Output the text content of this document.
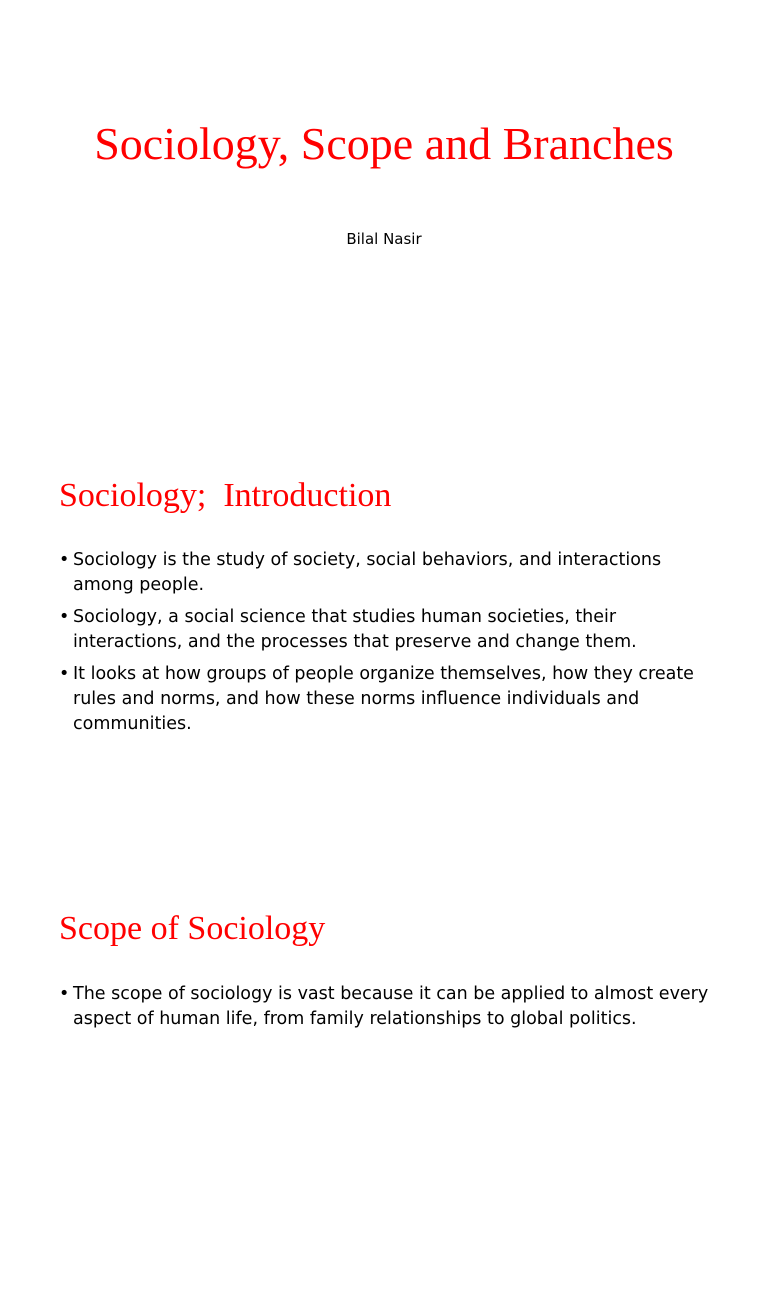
Sociology, Scope and Branches

Bilal Nasir

Sociology;  Introduction
• Sociology is the study of society, social behaviors, and interactions among people.
• Sociology, a social science that studies human societies, their interactions, and the processes that preserve and change them.
• It looks at how groups of people organize themselves, how they create rules and norms, and how these norms influence individuals and communities.
Scope of Sociology
• The scope of sociology is vast because it can be applied to almost every aspect of human life, from family relationships to global politics.
